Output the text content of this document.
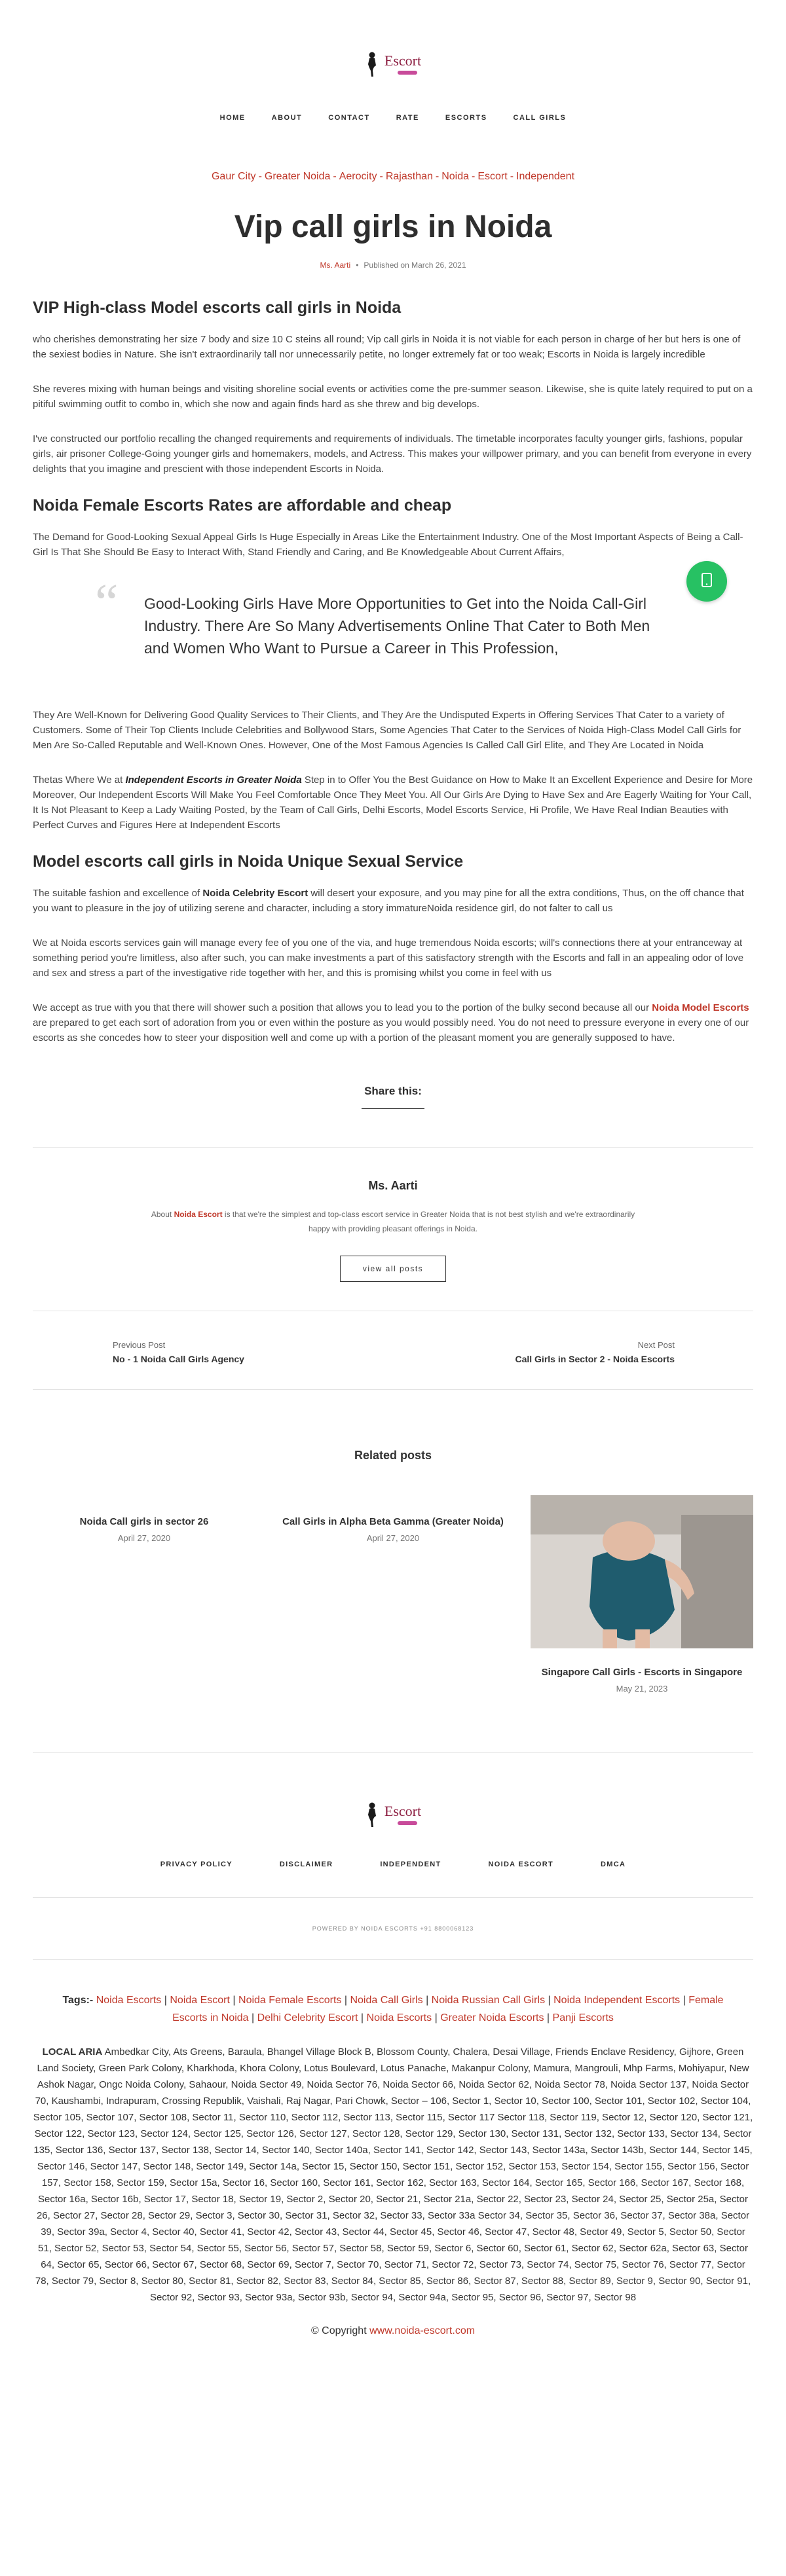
Escort
HOME	ABOUT	CONTACT	RATE	ESCORTS	CALL GIRLS
Gaur City - Greater Noida - Aerocity - Rajasthan - Noida - Escort - Independent
Vip call girls in Noida
Ms. Aarti • Published on March 26, 2021
VIP High-class Model escorts call girls in Noida

who cherishes demonstrating her size 7 body and size 10 C steins all round; Vip call girls in Noida it is not viable for each person in charge of her but hers is one of the sexiest bodies in Nature. She isn't extraordinarily tall nor unnecessarily petite, no longer extremely fat or too weak; Escorts in Noida is largely incredible

She reveres mixing with human beings and visiting shoreline social events or activities come the pre-summer season. Likewise, she is quite lately required to put on a pitiful swimming outfit to combo in, which she now and again finds hard as she threw and big develops.

I've constructed our portfolio recalling the changed requirements and requirements of individuals. The timetable incorporates faculty younger girls, fashions, popular girls, air prisoner College-Going younger girls and homemakers, models, and Actress. This makes your willpower primary, and you can benefit from everyone in every delights that you imagine and prescient with those independent Escorts in Noida.

Noida Female Escorts Rates are affordable and cheap

The Demand for Good-Looking Sexual Appeal Girls Is Huge Especially in Areas Like the Entertainment Industry. One of the Most Important Aspects of Being a Call-Girl Is That She Should Be Easy to Interact With, Stand Friendly and Caring, and Be Knowledgeable About Current Affairs,

“ Good-Looking Girls Have More Opportunities to Get into the Noida Call-Girl Industry. There Are So Many Advertisements Online That Cater to Both Men and Women Who Want to Pursue a Career in This Profession,

They Are Well-Known for Delivering Good Quality Services to Their Clients, and They Are the Undisputed Experts in Offering Services That Cater to a variety of Customers. Some of Their Top Clients Include Celebrities and Bollywood Stars, Some Agencies That Cater to the Services of Noida High-Class Model Call Girls for Men Are So-Called Reputable and Well-Known Ones. However, One of the Most Famous Agencies Is Called Call Girl Elite, and They Are Located in Noida

Thetas Where We at Independent Escorts in Greater Noida Step in to Offer You the Best Guidance on How to Make It an Excellent Experience and Desire for More Moreover, Our Independent Escorts Will Make You Feel Comfortable Once They Meet You. All Our Girls Are Dying to Have Sex and Are Eagerly Waiting for Your Call, It Is Not Pleasant to Keep a Lady Waiting Posted, by the Team of Call Girls, Delhi Escorts, Model Escorts Service, Hi Profile, We Have Real Indian Beauties with Perfect Curves and Figures Here at Independent Escorts

Model escorts call girls in Noida Unique Sexual Service

The suitable fashion and excellence of Noida Celebrity Escort will desert your exposure, and you may pine for all the extra conditions, Thus, on the off chance that you want to pleasure in the joy of utilizing serene and character, including a story immatureNoida residence girl, do not falter to call us

We at Noida escorts services gain will manage every fee of you one of the via, and huge tremendous Noida escorts; will's connections there at your entranceway at something period you're limitless, also after such, you can make investments a part of this satisfactory strength with the Escorts and fall in an appealing odor of love and sex and stress a part of the investigative ride together with her, and this is promising whilst you come in feel with us

We accept as true with you that there will shower such a position that allows you to lead you to the portion of the bulky second because all our Noida Model Escorts are prepared to get each sort of adoration from you or even within the posture as you would possibly need. You do not need to pressure everyone in every one of our escorts as she concedes how to steer your disposition well and come up with a portion of the pleasant moment you are generally supposed to have.

Share this:
Ms. Aarti
About Noida Escort is that we're the simplest and top-class escort service in Greater Noida that is not best stylish and we're extraordinarily happy with providing pleasant offerings in Noida.
view all posts
Previous Post
No - 1 Noida Call Girls Agency
Next Post
Call Girls in Sector 2 - Noida Escorts
Related posts
Noida Call girls in sector 26
April 27, 2020
Call Girls in Alpha Beta Gamma (Greater Noida)
April 27, 2020
Singapore Call Girls - Escorts in Singapore
May 21, 2023
Escort
PRIVACY POLICY	DISCLAIMER	INDEPENDENT	NOIDA ESCORT	DMCA
POWERED BY NOIDA ESCORTS +91 8800068123
Tags:- Noida Escorts | Noida Escort | Noida Female Escorts | Noida Call Girls | Noida Russian Call Girls | Noida Independent Escorts | Female Escorts in Noida | Delhi Celebrity Escort | Noida Escorts | Greater Noida Escorts | Panji Escorts
LOCAL ARIA Ambedkar City, Ats Greens, Baraula, Bhangel Village Block B, Blossom County, Chalera, Desai Village, Friends Enclave Residency, Gijhore, Green Land Society, Green Park Colony, Kharkhoda, Khora Colony, Lotus Boulevard, Lotus Panache, Makanpur Colony, Mamura, Mangrouli, Mhp Farms, Mohiyapur, New Ashok Nagar, Ongc Noida Colony, Sahaour, Noida Sector 49, Noida Sector 76, Noida Sector 66, Noida Sector 62, Noida Sector 78, Noida Sector 137, Noida Sector 70, Kaushambi, Indrapuram, Crossing Republik, Vaishali, Raj Nagar, Pari Chowk, Sector – 106, Sector 1, Sector 10, Sector 100, Sector 101, Sector 102, Sector 104, Sector 105, Sector 107, Sector 108, Sector 11, Sector 110, Sector 112, Sector 113, Sector 115, Sector 117 Sector 118, Sector 119, Sector 12, Sector 120, Sector 121, Sector 122, Sector 123, Sector 124, Sector 125, Sector 126, Sector 127, Sector 128, Sector 129, Sector 130, Sector 131, Sector 132, Sector 133, Sector 134, Sector 135, Sector 136, Sector 137, Sector 138, Sector 14, Sector 140, Sector 140a, Sector 141, Sector 142, Sector 143, Sector 143a, Sector 143b, Sector 144, Sector 145, Sector 146, Sector 147, Sector 148, Sector 149, Sector 14a, Sector 15, Sector 150, Sector 151, Sector 152, Sector 153, Sector 154, Sector 155, Sector 156, Sector 157, Sector 158, Sector 159, Sector 15a, Sector 16, Sector 160, Sector 161, Sector 162, Sector 163, Sector 164, Sector 165, Sector 166, Sector 167, Sector 168, Sector 16a, Sector 16b, Sector 17, Sector 18, Sector 19, Sector 2, Sector 20, Sector 21, Sector 21a, Sector 22, Sector 23, Sector 24, Sector 25, Sector 25a, Sector 26, Sector 27, Sector 28, Sector 29, Sector 3, Sector 30, Sector 31, Sector 32, Sector 33, Sector 33a Sector 34, Sector 35, Sector 36, Sector 37, Sector 38a, Sector 39, Sector 39a, Sector 4, Sector 40, Sector 41, Sector 42, Sector 43, Sector 44, Sector 45, Sector 46, Sector 47, Sector 48, Sector 49, Sector 5, Sector 50, Sector 51, Sector 52, Sector 53, Sector 54, Sector 55, Sector 56, Sector 57, Sector 58, Sector 59, Sector 6, Sector 60, Sector 61, Sector 62, Sector 62a, Sector 63, Sector 64, Sector 65, Sector 66, Sector 67, Sector 68, Sector 69, Sector 7, Sector 70, Sector 71, Sector 72, Sector 73, Sector 74, Sector 75, Sector 76, Sector 77, Sector 78, Sector 79, Sector 8, Sector 80, Sector 81, Sector 82, Sector 83, Sector 84, Sector 85, Sector 86, Sector 87, Sector 88, Sector 89, Sector 9, Sector 90, Sector 91, Sector 92, Sector 93, Sector 93a, Sector 93b, Sector 94, Sector 94a, Sector 95, Sector 96, Sector 97, Sector 98
© Copyright www.noida-escort.com
